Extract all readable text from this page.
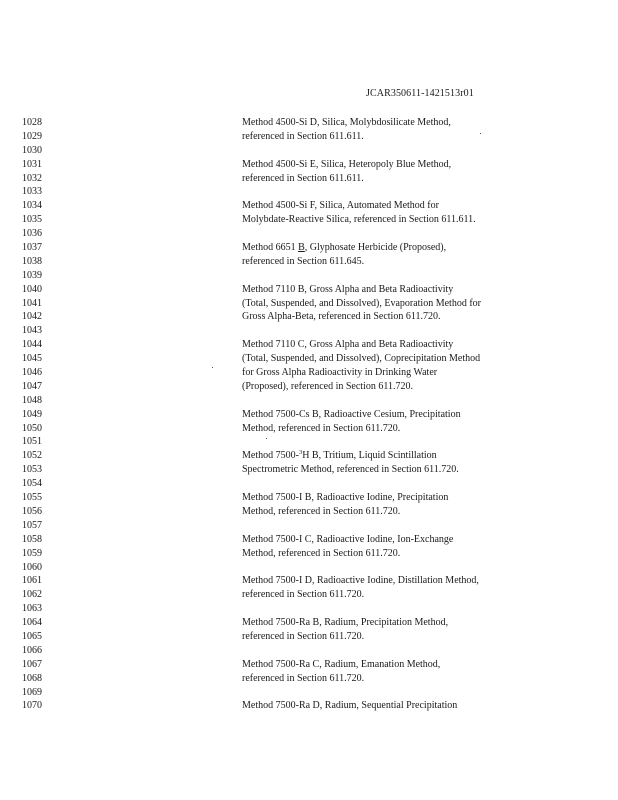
JCAR350611-1421513r01
1028
1029
1030
1031
1032
1033
1034
1035
1036
1037
1038
1039
1040
1041
1042
1043
1044
1045
1046
1047
1048
1049
1050
1051
1052
1053
1054
1055
1056
1057
1058
1059
1060
1061
1062
1063
1064
1065
1066
1067
1068
1069
1070
Method 4500-Si D, Silica, Molybdosilicate Method,
referenced in Section 611.611.
Method 4500-Si E, Silica, Heteropoly Blue Method,
referenced in Section 611.611.
Method 4500-Si F, Silica, Automated Method for
Molybdate-Reactive Silica, referenced in Section 611.611.
Method 6651 B, Glyphosate Herbicide (Proposed),
referenced in Section 611.645.
Method 7110 B, Gross Alpha and Beta Radioactivity
(Total, Suspended, and Dissolved), Evaporation Method for
Gross Alpha-Beta, referenced in Section 611.720.
Method 7110 C, Gross Alpha and Beta Radioactivity
(Total, Suspended, and Dissolved), Coprecipitation Method
for Gross Alpha Radioactivity in Drinking Water
(Proposed), referenced in Section 611.720.
Method 7500-Cs B, Radioactive Cesium, Precipitation
Method, referenced in Section 611.720.
Method 7500-$^3$H B, Tritium, Liquid Scintillation
Spectrometric Method, referenced in Section 611.720.
Method 7500-I B, Radioactive Iodine, Precipitation
Method, referenced in Section 611.720.
Method 7500-I C, Radioactive Iodine, Ion-Exchange
Method, referenced in Section 611.720.
Method 7500-I D, Radioactive Iodine, Distillation Method,
referenced in Section 611.720.
Method 7500-Ra B, Radium, Precipitation Method,
referenced in Section 611.720.
Method 7500-Ra C, Radium, Emanation Method,
referenced in Section 611.720.
Method 7500-Ra D, Radium, Sequential Precipitation
